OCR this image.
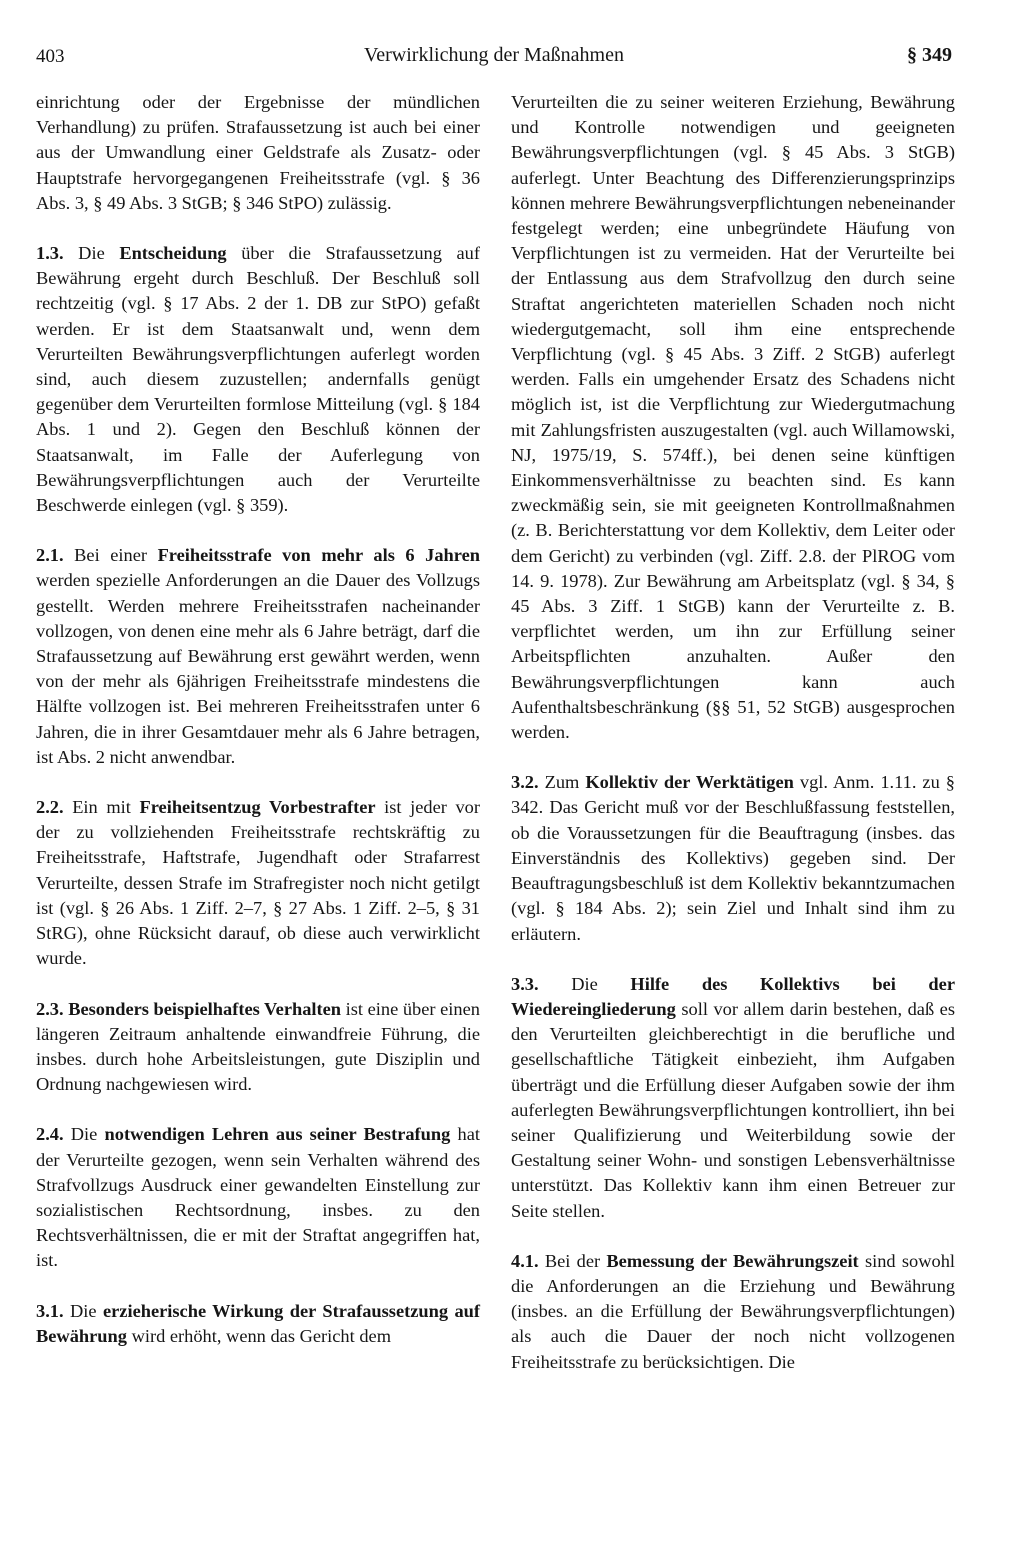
403	Verwirklichung der Maßnahmen	§ 349

einrichtung oder der Ergebnisse der mündlichen Verhandlung) zu prüfen. Strafaussetzung ist auch bei einer aus der Umwandlung einer Geldstrafe als Zusatz- oder Hauptstrafe hervorgegangenen Freiheitsstrafe (vgl. § 36 Abs. 3, § 49 Abs. 3 StGB; § 346 StPO) zulässig.

1.3. Die Entscheidung über die Strafaussetzung auf Bewährung ergeht durch Beschluß. Der Beschluß soll rechtzeitig (vgl. § 17 Abs. 2 der 1. DB zur StPO) gefaßt werden. Er ist dem Staatsanwalt und, wenn dem Verurteilten Bewährungsverpflichtungen auferlegt worden sind, auch diesem zuzustellen; andernfalls genügt gegenüber dem Verurteilten formlose Mitteilung (vgl. § 184 Abs. 1 und 2). Gegen den Beschluß können der Staatsanwalt, im Falle der Auferlegung von Bewährungsverpflichtungen auch der Verurteilte Beschwerde einlegen (vgl. § 359).

2.1. Bei einer Freiheitsstrafe von mehr als 6 Jahren werden spezielle Anforderungen an die Dauer des Vollzugs gestellt. Werden mehrere Freiheitsstrafen nacheinander vollzogen, von denen eine mehr als 6 Jahre beträgt, darf die Strafaussetzung auf Bewährung erst gewährt werden, wenn von der mehr als 6jährigen Freiheitsstrafe mindestens die Hälfte vollzogen ist. Bei mehreren Freiheitsstrafen unter 6 Jahren, die in ihrer Gesamtdauer mehr als 6 Jahre betragen, ist Abs. 2 nicht anwendbar.

2.2. Ein mit Freiheitsentzug Vorbestrafter ist jeder vor der zu vollziehenden Freiheitsstrafe rechtskräftig zu Freiheitsstrafe, Haftstrafe, Jugendhaft oder Strafarrest Verurteilte, dessen Strafe im Strafregister noch nicht getilgt ist (vgl. § 26 Abs. 1 Ziff. 2–7, § 27 Abs. 1 Ziff. 2–5, § 31 StRG), ohne Rücksicht darauf, ob diese auch verwirklicht wurde.

2.3. Besonders beispielhaftes Verhalten ist eine über einen längeren Zeitraum anhaltende einwandfreie Führung, die insbes. durch hohe Arbeitsleistungen, gute Disziplin und Ordnung nachgewiesen wird.

2.4. Die notwendigen Lehren aus seiner Bestrafung hat der Verurteilte gezogen, wenn sein Verhalten während des Strafvollzugs Ausdruck einer gewandelten Einstellung zur sozialistischen Rechtsordnung, insbes. zu den Rechtsverhältnissen, die er mit der Straftat angegriffen hat, ist.

3.1. Die erzieherische Wirkung der Strafaussetzung auf Bewährung wird erhöht, wenn das Gericht dem

Verurteilten die zu seiner weiteren Erziehung, Bewährung und Kontrolle notwendigen und geeigneten Bewährungsverpflichtungen (vgl. § 45 Abs. 3 StGB) auferlegt. Unter Beachtung des Differenzierungsprinzips können mehrere Bewährungsverpflichtungen nebeneinander festgelegt werden; eine unbegründete Häufung von Verpflichtungen ist zu vermeiden. Hat der Verurteilte bei der Entlassung aus dem Strafvollzug den durch seine Straftat angerichteten materiellen Schaden noch nicht wiedergutgemacht, soll ihm eine entsprechende Verpflichtung (vgl. § 45 Abs. 3 Ziff. 2 StGB) auferlegt werden. Falls ein umgehender Ersatz des Schadens nicht möglich ist, ist die Verpflichtung zur Wiedergutmachung mit Zahlungsfristen auszugestalten (vgl. auch Willamowski, NJ, 1975/19, S. 574ff.), bei denen seine künftigen Einkommensverhältnisse zu beachten sind. Es kann zweckmäßig sein, sie mit geeigneten Kontrollmaßnahmen (z. B. Berichterstattung vor dem Kollektiv, dem Leiter oder dem Gericht) zu verbinden (vgl. Ziff. 2.8. der PlROG vom 14. 9. 1978). Zur Bewährung am Arbeitsplatz (vgl. § 34, § 45 Abs. 3 Ziff. 1 StGB) kann der Verurteilte z. B. verpflichtet werden, um ihn zur Erfüllung seiner Arbeitspflichten anzuhalten. Außer den Bewährungsverpflichtungen kann auch Aufenthaltsbeschränkung (§§ 51, 52 StGB) ausgesprochen werden.

3.2. Zum Kollektiv der Werktätigen vgl. Anm. 1.11. zu § 342. Das Gericht muß vor der Beschlußfassung feststellen, ob die Voraussetzungen für die Beauftragung (insbes. das Einverständnis des Kollektivs) gegeben sind. Der Beauftragungsbeschluß ist dem Kollektiv bekanntzumachen (vgl. § 184 Abs. 2); sein Ziel und Inhalt sind ihm zu erläutern.

3.3. Die Hilfe des Kollektivs bei der Wiedereingliederung soll vor allem darin bestehen, daß es den Verurteilten gleichberechtigt in die berufliche und gesellschaftliche Tätigkeit einbezieht, ihm Aufgaben überträgt und die Erfüllung dieser Aufgaben sowie der ihm auferlegten Bewährungsverpflichtungen kontrolliert, ihn bei seiner Qualifizierung und Weiterbildung sowie der Gestaltung seiner Wohn- und sonstigen Lebensverhältnisse unterstützt. Das Kollektiv kann ihm einen Betreuer zur Seite stellen.

4.1. Bei der Bemessung der Bewährungszeit sind sowohl die Anforderungen an die Erziehung und Bewährung (insbes. an die Erfüllung der Bewährungsverpflichtungen) als auch die Dauer der noch nicht vollzogenen Freiheitsstrafe zu berücksichtigen. Die
